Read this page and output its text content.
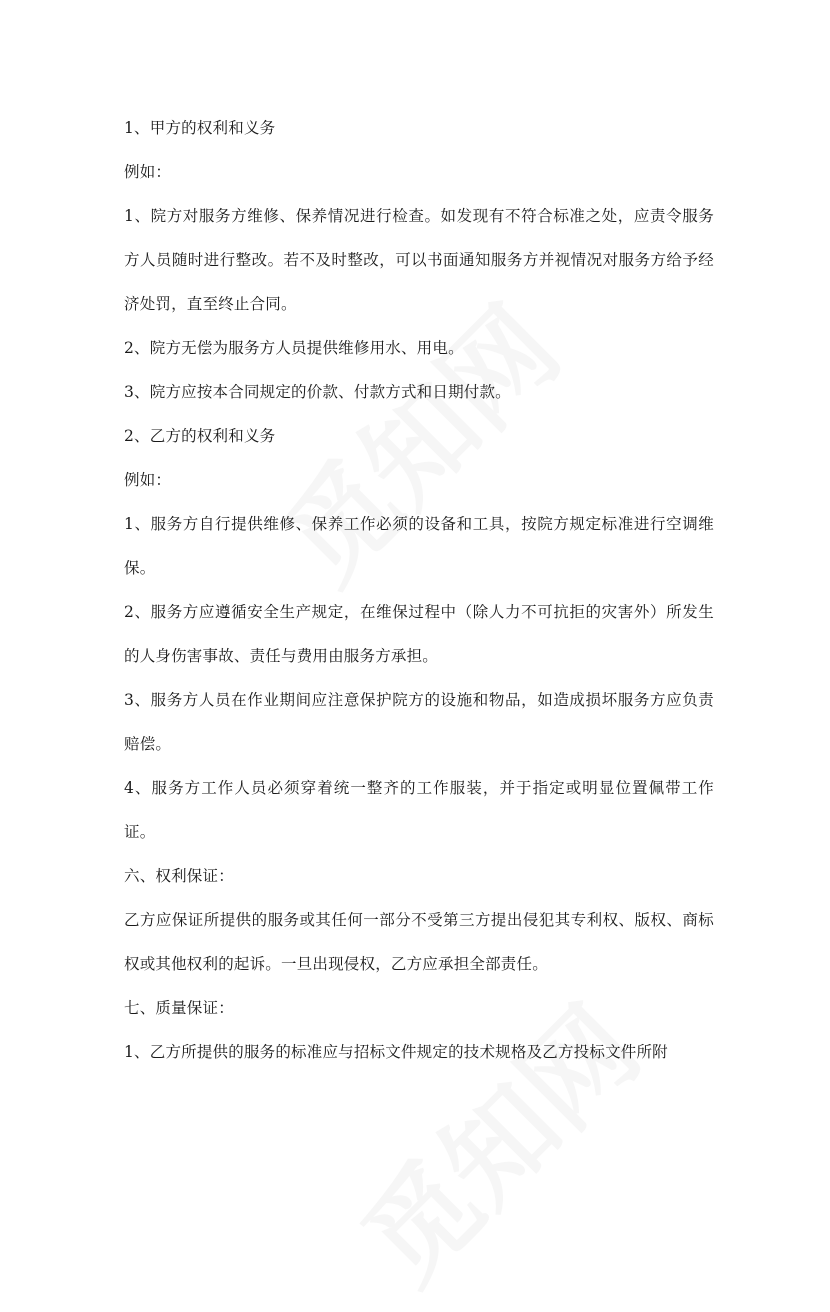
1、甲方的权利和义务

例如：

1、院方对服务方维修、保养情况进行检查。如发现有不符合标准之处，应责令服务方人员随时进行整改。若不及时整改，可以书面通知服务方并视情况对服务方给予经济处罚，直至终止合同。

2、院方无偿为服务方人员提供维修用水、用电。

3、院方应按本合同规定的价款、付款方式和日期付款。

2、乙方的权利和义务

例如：

1、服务方自行提供维修、保养工作必须的设备和工具，按院方规定标准进行空调维保。

2、服务方应遵循安全生产规定，在维保过程中（除人力不可抗拒的灾害外）所发生的人身伤害事故、责任与费用由服务方承担。

3、服务方人员在作业期间应注意保护院方的设施和物品，如造成损坏服务方应负责赔偿。

4、服务方工作人员必须穿着统一整齐的工作服装，并于指定或明显位置佩带工作证。

六、权利保证：

乙方应保证所提供的服务或其任何一部分不受第三方提出侵犯其专利权、版权、商标权或其他权利的起诉。一旦出现侵权，乙方应承担全部责任。

七、质量保证：

1、乙方所提供的服务的标准应与招标文件规定的技术规格及乙方投标文件所附
